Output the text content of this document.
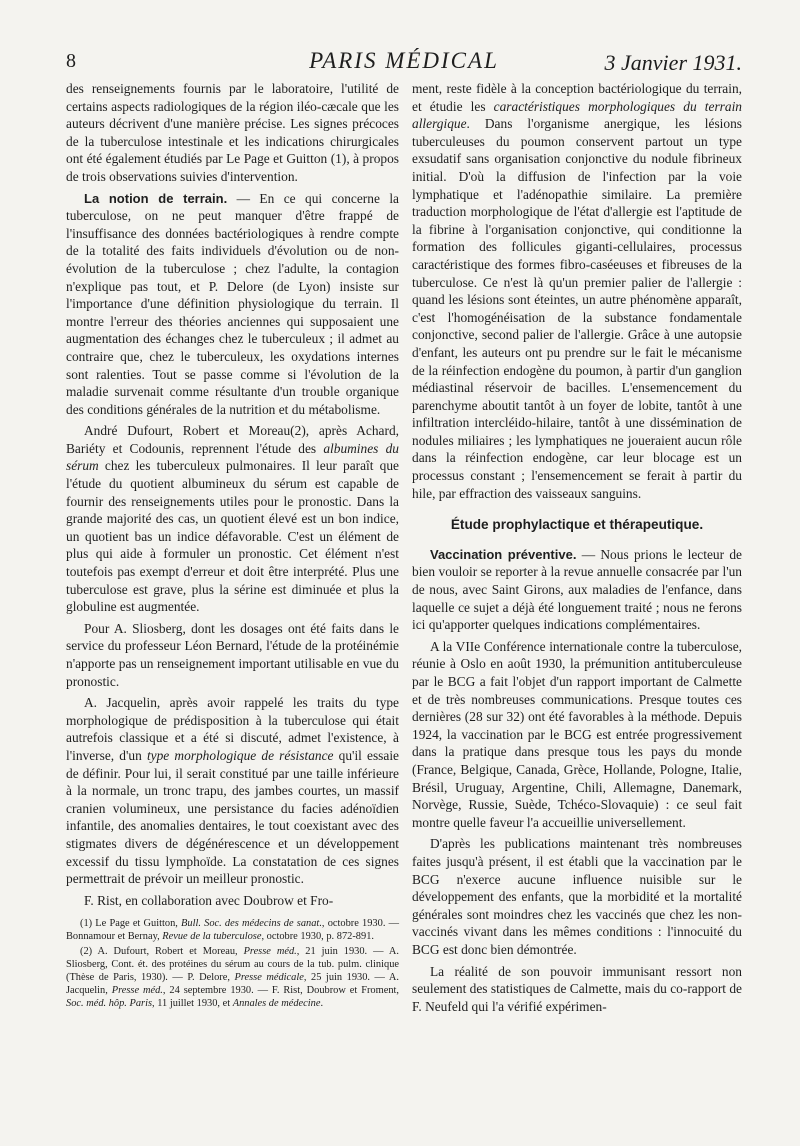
8	PARIS MÉDICAL	3 Janvier 1931.

des renseignements fournis par le laboratoire, l'utilité de certains aspects radiologiques de la région iléo-cæcale que les auteurs décrivent d'une manière précise. Les signes précoces de la tuberculose intestinale et les indications chirurgicales ont été également étudiés par Le Page et Guitton (1), à propos de trois observations suivies d'intervention.

La notion de terrain. — En ce qui concerne la tuberculose, on ne peut manquer d'être frappé de l'insuffisance des données bactériologiques à rendre compte de la totalité des faits individuels d'évolution ou de non-évolution de la tuberculose ; chez l'adulte, la contagion n'explique pas tout, et P. Delore (de Lyon) insiste sur l'importance d'une définition physiologique du terrain. Il montre l'erreur des théories anciennes qui supposaient une augmentation des échanges chez le tuberculeux ; il admet au contraire que, chez le tuberculeux, les oxydations internes sont ralenties. Tout se passe comme si l'évolution de la maladie survenait comme résultante d'un trouble organique des conditions générales de la nutrition et du métabolisme.

André Dufourt, Robert et Moreau(2), après Achard, Bariéty et Codounis, reprennent l'étude des albumines du sérum chez les tuberculeux pulmonaires. Il leur paraît que l'étude du quotient albumineux du sérum est capable de fournir des renseignements utiles pour le pronostic. Dans la grande majorité des cas, un quotient élevé est un bon indice, un quotient bas un indice défavorable. C'est un élément de plus qui aide à formuler un pronostic. Cet élément n'est toutefois pas exempt d'erreur et doit être interprété. Plus une tuberculose est grave, plus la sérine est diminuée et plus la globuline est augmentée.

Pour A. Sliosberg, dont les dosages ont été faits dans le service du professeur Léon Bernard, l'étude de la protéinémie n'apporte pas un renseignement important utilisable en vue du pronostic.

A. Jacquelin, après avoir rappelé les traits du type morphologique de prédisposition à la tuberculose qui était autrefois classique et a été si discuté, admet l'existence, à l'inverse, d'un type morphologique de résistance qu'il essaie de définir. Pour lui, il serait constitué par une taille inférieure à la normale, un tronc trapu, des jambes courtes, un massif cranien volumineux, une persistance du facies adénoïdien infantile, des anomalies dentaires, le tout coexistant avec des stigmates divers de dégénérescence et un développement excessif du tissu lymphoïde. La constatation de ces signes permettrait de prévoir un meilleur pronostic.

F. Rist, en collaboration avec Doubrow et Fro-

(1) Le Page et Guitton, Bull. Soc. des médecins de sanat., octobre 1930. — Bonnamour et Bernay, Revue de la tuberculose, octobre 1930, p. 872-891.

(2) A. Dufourt, Robert et Moreau, Presse méd., 21 juin 1930. — A. Sliosberg, Cont. ét. des protéines du sérum au cours de la tub. pulm. clinique (Thèse de Paris, 1930). — P. Delore, Presse médicale, 25 juin 1930. — A. Jacquelin, Presse méd., 24 septembre 1930. — F. Rist, Doubrow et Froment, Soc. méd. hôp. Paris, 11 juillet 1930, et Annales de médecine.

ment, reste fidèle à la conception bactériologique du terrain, et étudie les caractéristiques morphologiques du terrain allergique. Dans l'organisme anergique, les lésions tuberculeuses du poumon conservent partout un type exsudatif sans organisation conjonctive du nodule fibrineux initial. D'où la diffusion de l'infection par la voie lymphatique et l'adénopathie similaire. La première traduction morphologique de l'état d'allergie est l'aptitude de la fibrine à l'organisation conjonctive, qui conditionne la formation des follicules giganti-cellulaires, processus caractéristique des formes fibro-caséeuses et fibreuses de la tuberculose. Ce n'est là qu'un premier palier de l'allergie : quand les lésions sont éteintes, un autre phénomène apparaît, c'est l'homogénéisation de la substance fondamentale conjonctive, second palier de l'allergie. Grâce à une autopsie d'enfant, les auteurs ont pu prendre sur le fait le mécanisme de la réinfection endogène du poumon, à partir d'un ganglion médiastinal réservoir de bacilles. L'ensemencement du parenchyme aboutit tantôt à un foyer de lobite, tantôt à une infiltration intercléido-hilaire, tantôt à une dissémination de nodules miliaires ; les lymphatiques ne joueraient aucun rôle dans la réinfection endogène, car leur blocage est un processus constant ; l'ensemencement se ferait à partir du hile, par effraction des vaisseaux sanguins.

Étude prophylactique et thérapeutique.

Vaccination préventive. — Nous prions le lecteur de bien vouloir se reporter à la revue annuelle consacrée par l'un de nous, avec Saint Girons, aux maladies de l'enfance, dans laquelle ce sujet a déjà été longuement traité ; nous ne ferons ici qu'apporter quelques indications complémentaires.

A la VIIe Conférence internationale contre la tuberculose, réunie à Oslo en août 1930, la prémunition antituberculeuse par le BCG a fait l'objet d'un rapport important de Calmette et de très nombreuses communications. Presque toutes ces dernières (28 sur 32) ont été favorables à la méthode. Depuis 1924, la vaccination par le BCG est entrée progressivement dans la pratique dans presque tous les pays du monde (France, Belgique, Canada, Grèce, Hollande, Pologne, Italie, Brésil, Uruguay, Argentine, Chili, Allemagne, Danemark, Norvège, Russie, Suède, Tchéco-Slovaquie) : ce seul fait montre quelle faveur l'a accueillie universellement.

D'après les publications maintenant très nombreuses faites jusqu'à présent, il est établi que la vaccination par le BCG n'exerce aucune influence nuisible sur le développement des enfants, que la morbidité et la mortalité générales sont moindres chez les vaccinés que chez les non-vaccinés vivant dans les mêmes conditions : l'innocuité du BCG est donc bien démontrée.

La réalité de son pouvoir immunisant ressort non seulement des statistiques de Calmette, mais du co-rapport de F. Neufeld qui l'a vérifié expérimen-
